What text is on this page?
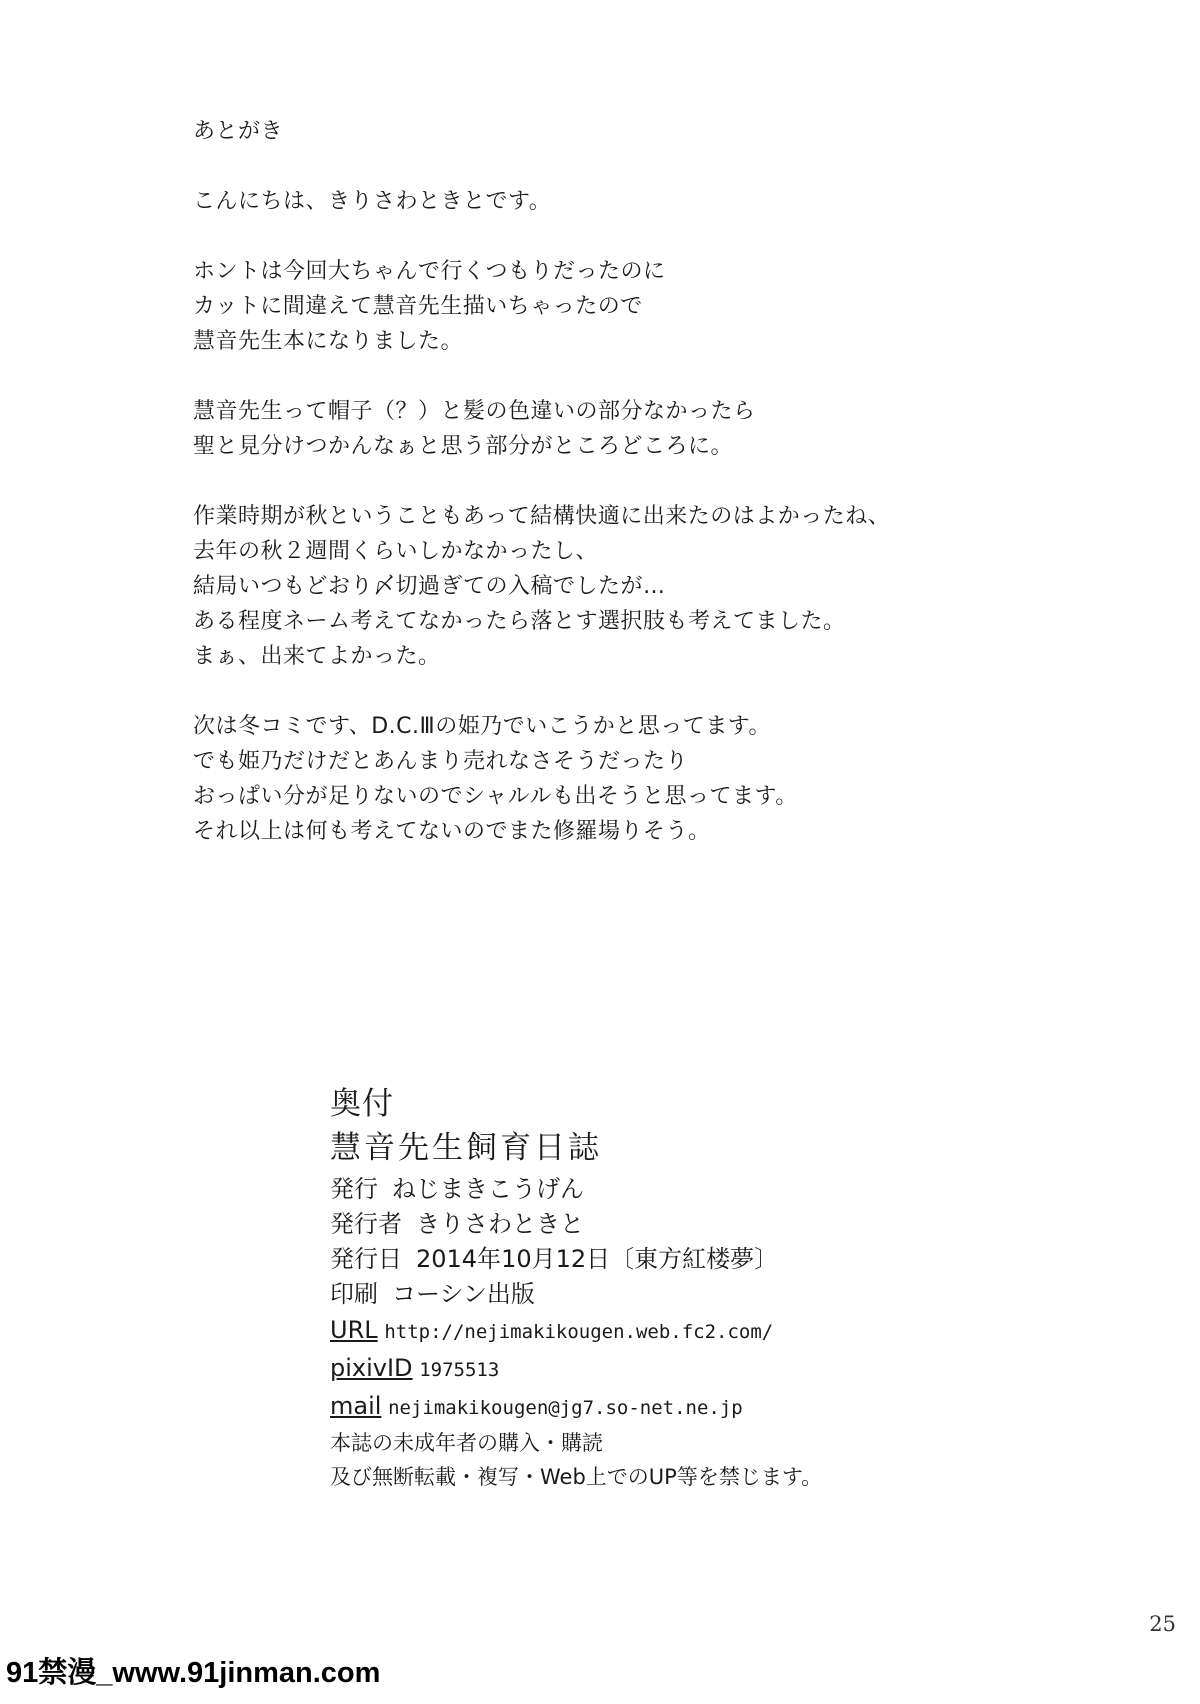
あとがき

こんにちは、きりさわときとです。

ホントは今回大ちゃんで行くつもりだったのに
カットに間違えて慧音先生描いちゃったので
慧音先生本になりました。

慧音先生って帽子（？）と髪の色違いの部分なかったら
聖と見分けつかんなぁと思う部分がところどころに。

作業時期が秋ということもあって結構快適に出来たのはよかったね、
去年の秋２週間くらいしかなかったし、
結局いつもどおり〆切過ぎての入稿でしたが…
ある程度ネーム考えてなかったら落とす選択肢も考えてました。
まぁ、出来てよかった。

次は冬コミです、D.C.Ⅲの姫乃でいこうかと思ってます。
でも姫乃だけだとあんまり売れなさそうだったり
おっぱい分が足りないのでシャルルも出そうと思ってます。
それ以上は何も考えてないのでまた修羅場りそう。

奥付
慧音先生飼育日誌
発行 ねじまきこうげん
発行者 きりさわときと
発行日 2014年10月12日〔東方紅楼夢〕
印刷 コーシン出版
URL http://nejimakikougen.web.fc2.com/
pixivID 1975513
mail nejimakikougen@jg7.so-net.ne.jp
本誌の未成年者の購入・購読
及び無断転載・複写・Web上でのUP等を禁じます。
25
91禁漫_www.91jinman.com
